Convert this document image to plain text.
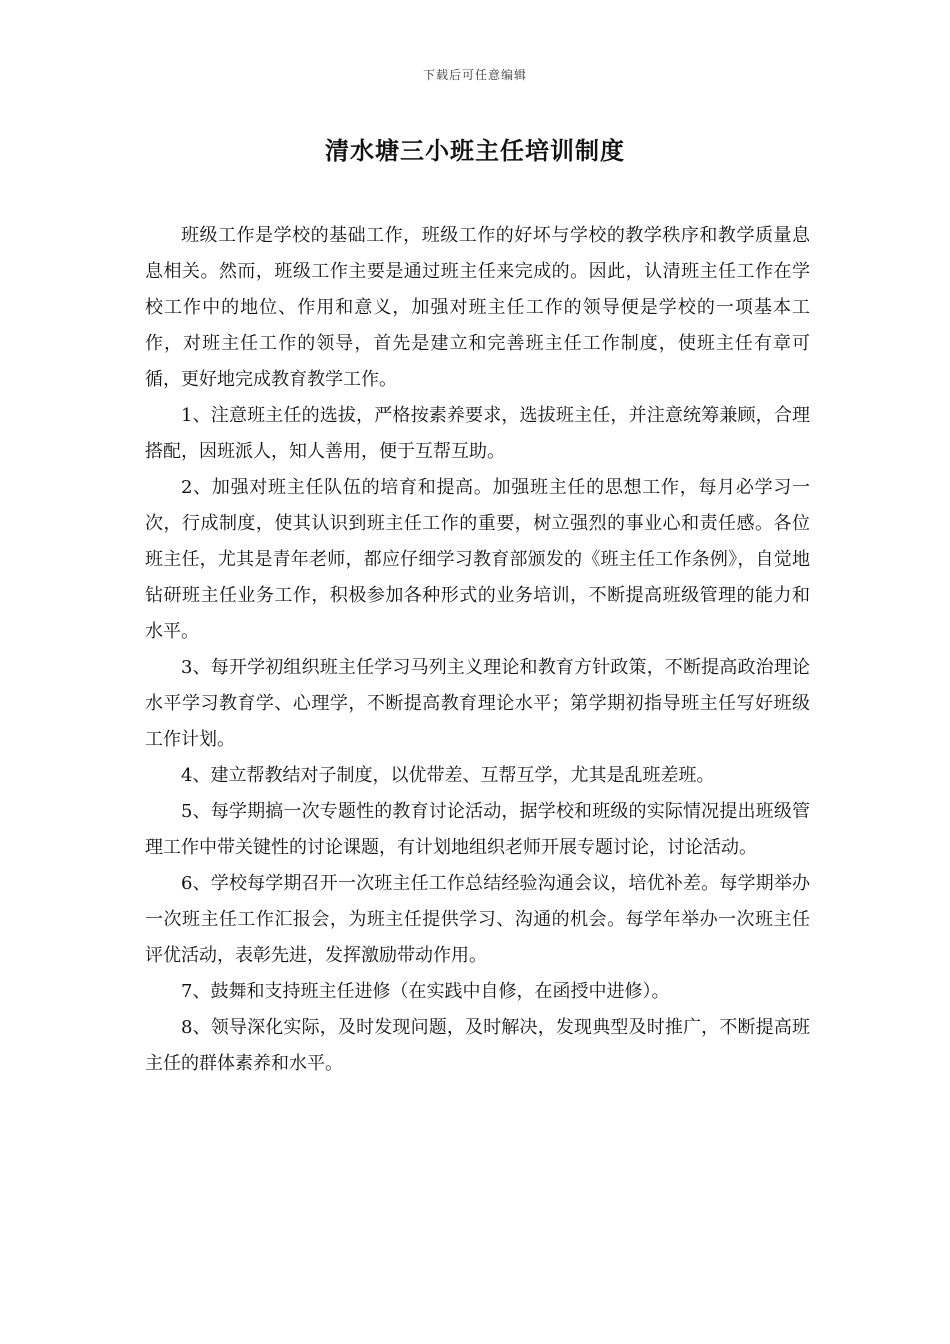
下载后可任意编辑
清水塘三小班主任培训制度

班级工作是学校的基础工作，班级工作的好坏与学校的教学秩序和教学质量息息相关。然而，班级工作主要是通过班主任来完成的。因此，认清班主任工作在学校工作中的地位、作用和意义，加强对班主任工作的领导便是学校的一项基本工作，对班主任工作的领导，首先是建立和完善班主任工作制度，使班主任有章可循，更好地完成教育教学工作。

1、注意班主任的选拔，严格按素养要求，选拔班主任，并注意统筹兼顾，合理搭配，因班派人，知人善用，便于互帮互助。

2、加强对班主任队伍的培育和提高。加强班主任的思想工作，每月必学习一次，行成制度，使其认识到班主任工作的重要，树立强烈的事业心和责任感。各位班主任，尤其是青年老师，都应仔细学习教育部颁发的《班主任工作条例》，自觉地钻研班主任业务工作，积极参加各种形式的业务培训，不断提高班级管理的能力和水平。

3、每开学初组织班主任学习马列主义理论和教育方针政策，不断提高政治理论水平学习教育学、心理学，不断提高教育理论水平；第学期初指导班主任写好班级工作计划。

4、建立帮教结对子制度，以优带差、互帮互学，尤其是乱班差班。

5、每学期搞一次专题性的教育讨论活动，据学校和班级的实际情况提出班级管理工作中带关键性的讨论课题，有计划地组织老师开展专题讨论，讨论活动。

6、学校每学期召开一次班主任工作总结经验沟通会议，培优补差。每学期举办一次班主任工作汇报会，为班主任提供学习、沟通的机会。每学年举办一次班主任评优活动，表彰先进，发挥激励带动作用。

7、鼓舞和支持班主任进修（在实践中自修，在函授中进修）。

8、领导深化实际，及时发现问题，及时解决，发现典型及时推广，不断提高班主任的群体素养和水平。
